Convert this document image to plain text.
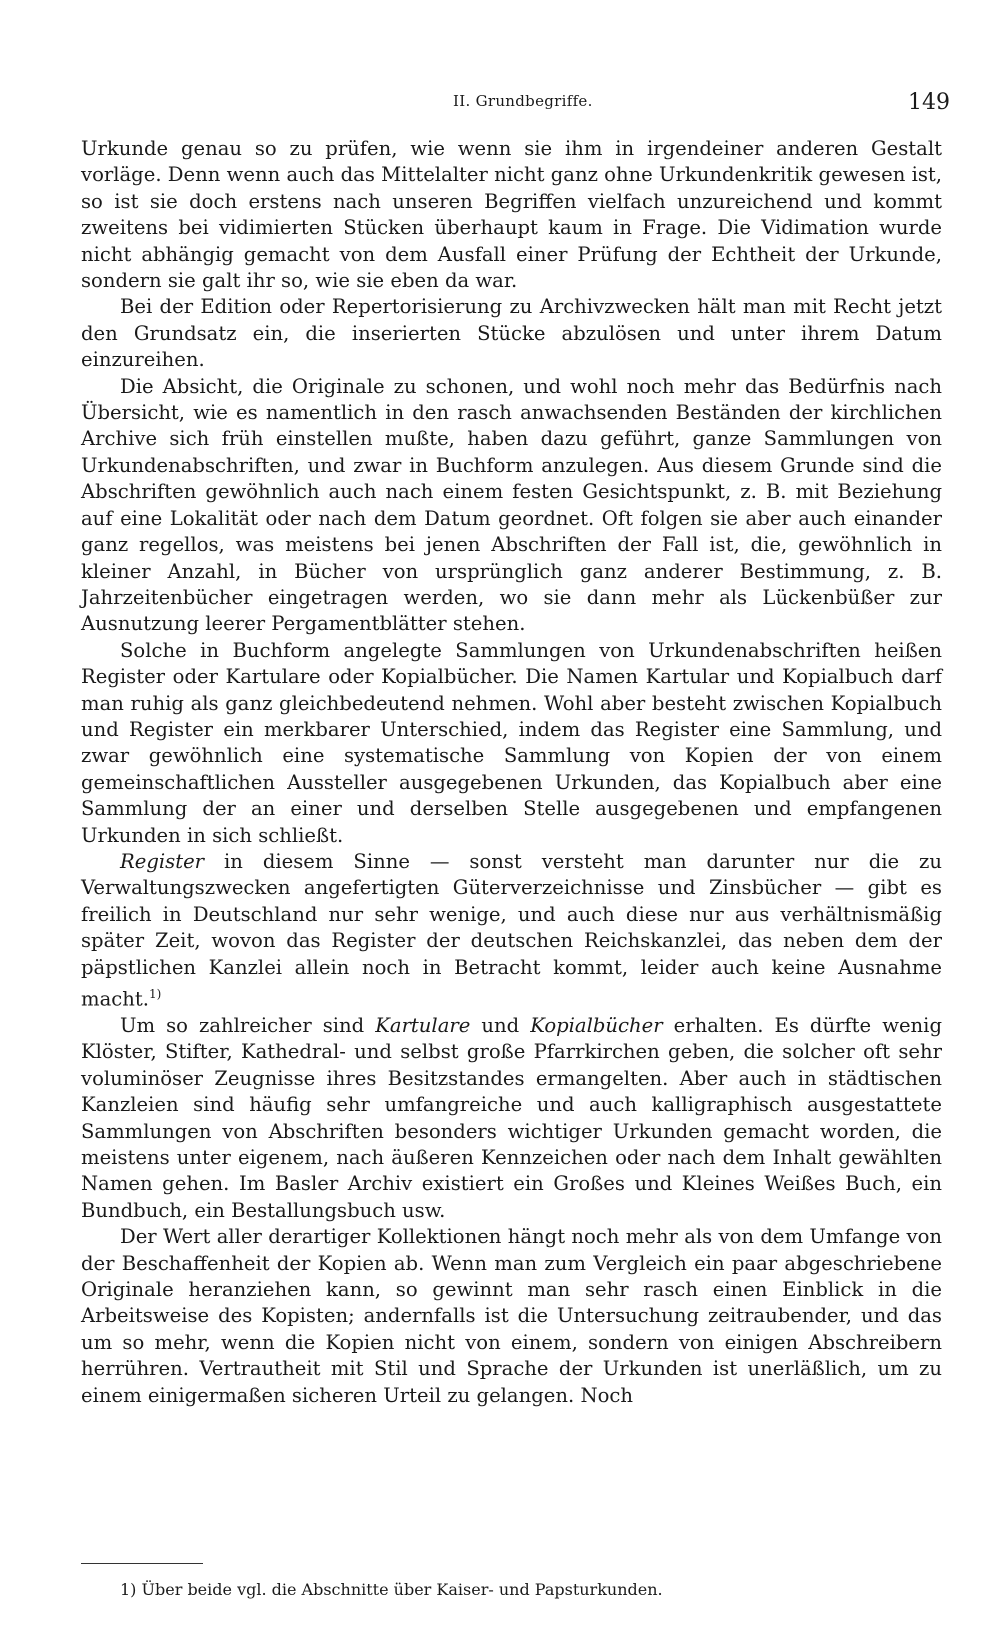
II. Grundbegriffe.	149

Urkunde genau so zu prüfen, wie wenn sie ihm in irgendeiner anderen Gestalt vorläge. Denn wenn auch das Mittelalter nicht ganz ohne Urkundenkritik gewesen ist, so ist sie doch erstens nach unseren Begriffen vielfach unzureichend und kommt zweitens bei vidimierten Stücken überhaupt kaum in Frage. Die Vidimation wurde nicht abhängig gemacht von dem Ausfall einer Prüfung der Echtheit der Urkunde, sondern sie galt ihr so, wie sie eben da war.

Bei der Edition oder Repertorisierung zu Archivzwecken hält man mit Recht jetzt den Grundsatz ein, die inserierten Stücke abzulösen und unter ihrem Datum einzureihen.

Die Absicht, die Originale zu schonen, und wohl noch mehr das Bedürfnis nach Übersicht, wie es namentlich in den rasch anwachsenden Beständen der kirchlichen Archive sich früh einstellen mußte, haben dazu geführt, ganze Sammlungen von Urkundenabschriften, und zwar in Buchform anzulegen. Aus diesem Grunde sind die Abschriften gewöhnlich auch nach einem festen Gesichtspunkt, z. B. mit Beziehung auf eine Lokalität oder nach dem Datum geordnet. Oft folgen sie aber auch einander ganz regellos, was meistens bei jenen Abschriften der Fall ist, die, gewöhnlich in kleiner Anzahl, in Bücher von ursprünglich ganz anderer Bestimmung, z. B. Jahrzeitenbücher eingetragen werden, wo sie dann mehr als Lückenbüßer zur Ausnutzung leerer Pergamentblätter stehen.

Solche in Buchform angelegte Sammlungen von Urkundenabschriften heißen Register oder Kartulare oder Kopialbücher. Die Namen Kartular und Kopialbuch darf man ruhig als ganz gleichbedeutend nehmen. Wohl aber besteht zwischen Kopialbuch und Register ein merkbarer Unterschied, indem das Register eine Sammlung, und zwar gewöhnlich eine systematische Sammlung von Kopien der von einem gemeinschaftlichen Aussteller ausgegebenen Urkunden, das Kopialbuch aber eine Sammlung der an einer und derselben Stelle ausgegebenen und empfangenen Urkunden in sich schließt.

Register in diesem Sinne — sonst versteht man darunter nur die zu Verwaltungszwecken angefertigten Güterverzeichnisse und Zinsbücher — gibt es freilich in Deutschland nur sehr wenige, und auch diese nur aus verhältnismäßig später Zeit, wovon das Register der deutschen Reichskanzlei, das neben dem der päpstlichen Kanzlei allein noch in Betracht kommt, leider auch keine Ausnahme macht.$^{1)}$

Um so zahlreicher sind Kartulare und Kopialbücher erhalten. Es dürfte wenig Klöster, Stifter, Kathedral- und selbst große Pfarrkirchen geben, die solcher oft sehr voluminöser Zeugnisse ihres Besitzstandes ermangelten. Aber auch in städtischen Kanzleien sind häufig sehr umfangreiche und auch kalligraphisch ausgestattete Sammlungen von Abschriften besonders wichtiger Urkunden gemacht worden, die meistens unter eigenem, nach äußeren Kennzeichen oder nach dem Inhalt gewählten Namen gehen. Im Basler Archiv existiert ein Großes und Kleines Weißes Buch, ein Bundbuch, ein Bestallungsbuch usw.

Der Wert aller derartiger Kollektionen hängt noch mehr als von dem Umfange von der Beschaffenheit der Kopien ab. Wenn man zum Vergleich ein paar abgeschriebene Originale heranziehen kann, so gewinnt man sehr rasch einen Einblick in die Arbeitsweise des Kopisten; andernfalls ist die Untersuchung zeitraubender, und das um so mehr, wenn die Kopien nicht von einem, sondern von einigen Abschreibern herrühren. Vertrautheit mit Stil und Sprache der Urkunden ist unerläßlich, um zu einem einigermaßen sicheren Urteil zu gelangen. Noch

1) Über beide vgl. die Abschnitte über Kaiser- und Papsturkunden.
